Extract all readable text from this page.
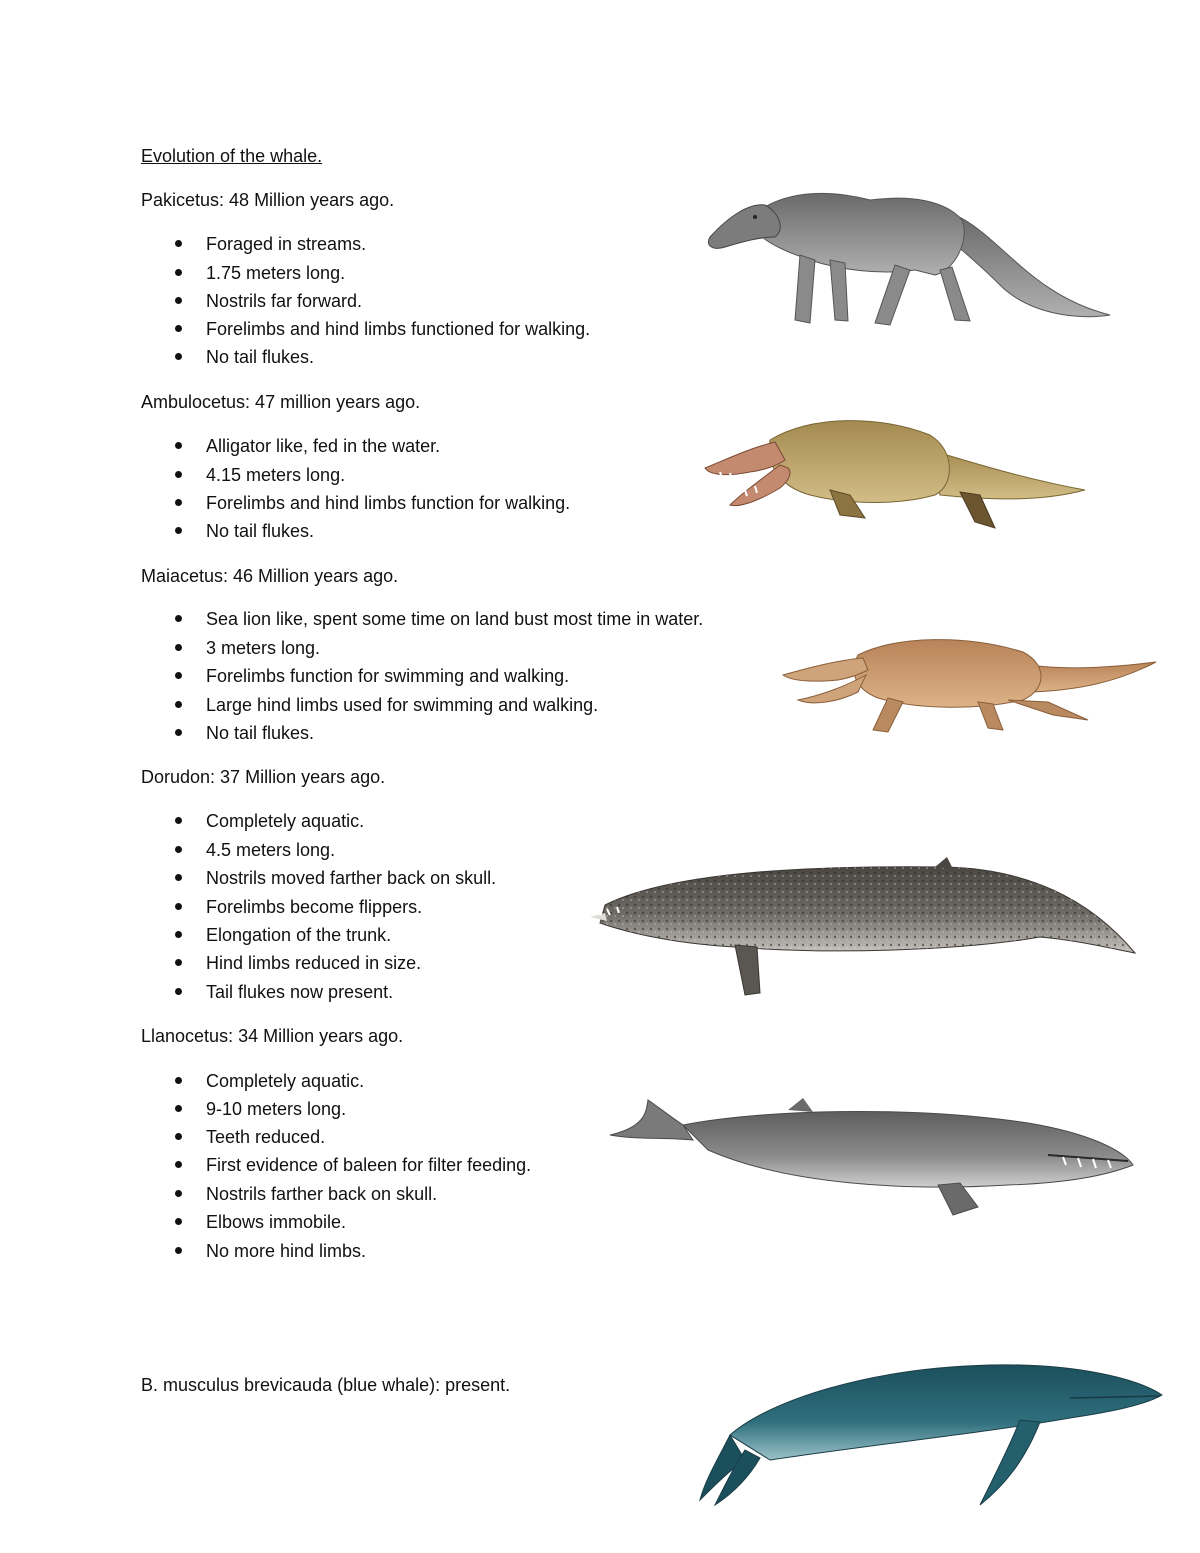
Evolution of the whale.
Pakicetus: 48 Million years ago.
Foraged in streams.
1.75 meters long.
Nostrils far forward.
Forelimbs and hind limbs functioned for walking.
No tail flukes.
Ambulocetus: 47 million years ago.
Alligator like, fed in the water.
4.15 meters long.
Forelimbs and hind limbs function for walking.
No tail flukes.
Maiacetus: 46 Million years ago.
Sea lion like, spent some time on land bust most time in water.
3 meters long.
Forelimbs function for swimming and walking.
Large hind limbs used for swimming and walking.
No tail flukes.
Dorudon: 37 Million years ago.
Completely aquatic.
4.5 meters long.
Nostrils moved farther back on skull.
Forelimbs become flippers.
Elongation of the trunk.
Hind limbs reduced in size.
Tail flukes now present.
Llanocetus: 34 Million years ago.
Completely aquatic.
9-10 meters long.
Teeth reduced.
First evidence of baleen for filter feeding.
Nostrils farther back on skull.
Elbows immobile.
No more hind limbs.
B. musculus brevicauda (blue whale): present.
